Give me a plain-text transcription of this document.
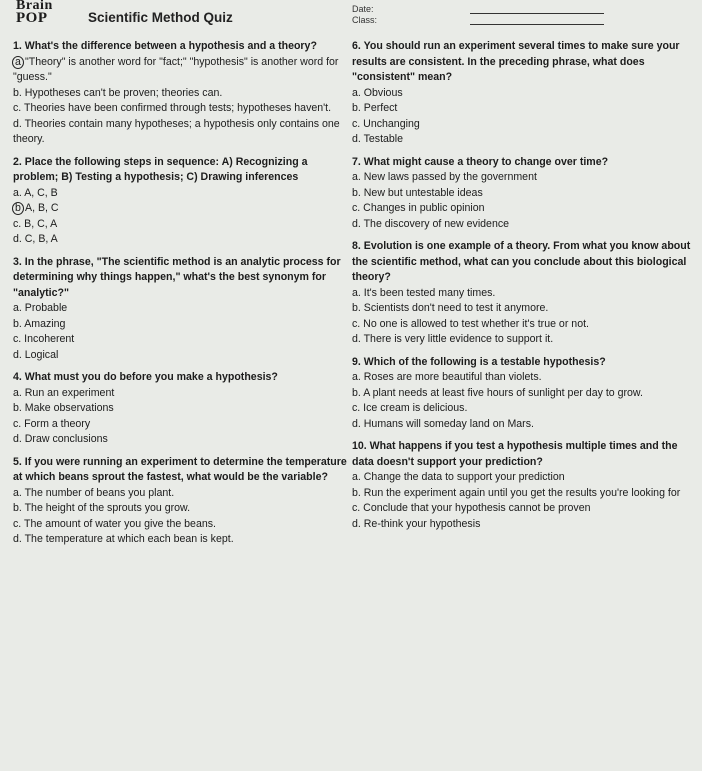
Brain
POP	Scientific Method Quiz
Date:
Class:

1. What's the difference between a hypothesis and a theory?

a "Theory" is another word for "fact;" "hypothesis" is another word for "guess."

b. Hypotheses can't be proven; theories can.

c. Theories have been confirmed through tests; hypotheses haven't.

d. Theories contain many hypotheses; a hypothesis only contains one theory.

2. Place the following steps in sequence: A) Recognizing a problem; B) Testing a hypothesis; C) Drawing inferences

a. A, C, B

b A, B, C

c. B, C, A

d. C, B, A

3. In the phrase, "The scientific method is an analytic process for determining why things happen," what's the best synonym for "analytic?"

a. Probable

b. Amazing

c. Incoherent

d. Logical

4. What must you do before you make a hypothesis?

a. Run an experiment

b. Make observations

c. Form a theory

d. Draw conclusions

5. If you were running an experiment to determine the temperature at which beans sprout the fastest, what would be the variable?

a. The number of beans you plant.

b. The height of the sprouts you grow.

c. The amount of water you give the beans.

d. The temperature at which each bean is kept.

6. You should run an experiment several times to make sure your results are consistent. In the preceding phrase, what does "consistent" mean?

a. Obvious

b. Perfect

c. Unchanging

d. Testable

7. What might cause a theory to change over time?

a. New laws passed by the government

b. New but untestable ideas

c. Changes in public opinion

d. The discovery of new evidence

8. Evolution is one example of a theory. From what you know about the scientific method, what can you conclude about this biological theory?

a. It's been tested many times.

b. Scientists don't need to test it anymore.

c. No one is allowed to test whether it's true or not.

d. There is very little evidence to support it.

9. Which of the following is a testable hypothesis?

a. Roses are more beautiful than violets.

b. A plant needs at least five hours of sunlight per day to grow.

c. Ice cream is delicious.

d. Humans will someday land on Mars.

10. What happens if you test a hypothesis multiple times and the data doesn't support your prediction?

a. Change the data to support your prediction

b. Run the experiment again until you get the results you're looking for

c. Conclude that your hypothesis cannot be proven

d. Re-think your hypothesis
